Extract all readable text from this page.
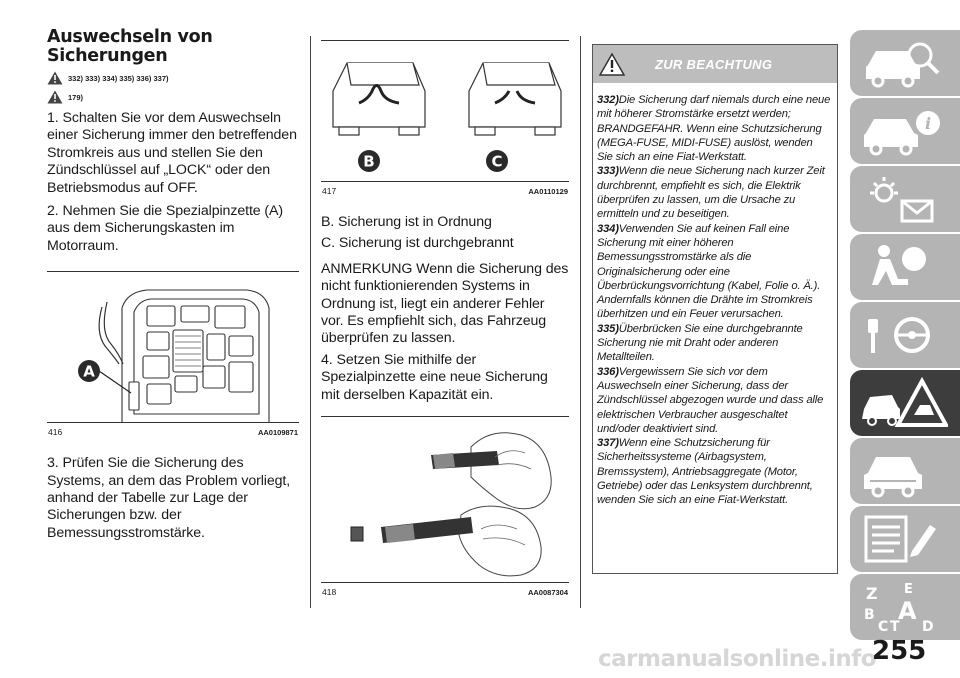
Auswechseln von
Sicherungen
332) 333) 334) 335) 336) 337)
179)

1. Schalten Sie vor dem Auswechseln einer Sicherung immer den betreffenden Stromkreis aus und stellen Sie den Zündschlüssel auf „LOCK“ oder den Betriebsmodus auf OFF.

2. Nehmen Sie die Spezialpinzette (A) aus dem Sicherungskasten im Motorraum.

A
416	AA0109871

3. Prüfen Sie die Sicherung des Systems, an dem das Problem vorliegt, anhand der Tabelle zur Lage der Sicherungen bzw. der Bemessungsstromstärke.

B	C
417	AA0110129

B. Sicherung ist in Ordnung

C. Sicherung ist durchgebrannt

ANMERKUNG Wenn die Sicherung des nicht funktionierenden Systems in Ordnung ist, liegt ein anderer Fehler vor. Es empfiehlt sich, das Fahrzeug überprüfen zu lassen.

4. Setzen Sie mithilfe der Spezialpinzette eine neue Sicherung mit derselben Kapazität ein.

418	AA0087304
ZUR BEACHTUNG
332)Die Sicherung darf niemals durch eine neue mit höherer Stromstärke ersetzt werden; BRANDGEFAHR. Wenn eine Schutzsicherung (MEGA-FUSE, MIDI-FUSE) auslöst, wenden Sie sich an eine Fiat-Werkstatt.
333)Wenn die neue Sicherung nach kurzer Zeit durchbrennt, empfiehlt es sich, die Elektrik überprüfen zu lassen, um die Ursache zu ermitteln und zu beseitigen.
334)Verwenden Sie auf keinen Fall eine Sicherung mit einer höheren Bemessungsstromstärke als die Originalsicherung oder eine Überbrückungsvorrichtung (Kabel, Folie o. Ä.). Andernfalls können die Drähte im Stromkreis überhitzen und ein Feuer verursachen.
335)Überbrücken Sie eine durchgebrannte Sicherung nie mit Draht oder anderen Metallteilen.
336)Vergewissern Sie sich vor dem Auswechseln einer Sicherung, dass der Zündschlüssel abgezogen wurde und dass alle elektrischen Verbraucher ausgeschaltet und/oder deaktiviert sind.
337)Wenn eine Schutzsicherung für Sicherheitssysteme (Airbagsystem, Bremssystem), Antriebsaggregate (Motor, Getriebe) oder das Lenksystem durchbrennt, wenden Sie sich an eine Fiat-Werkstatt.
i
Z E
A
B
C T D
carmanualsonline.info
255
